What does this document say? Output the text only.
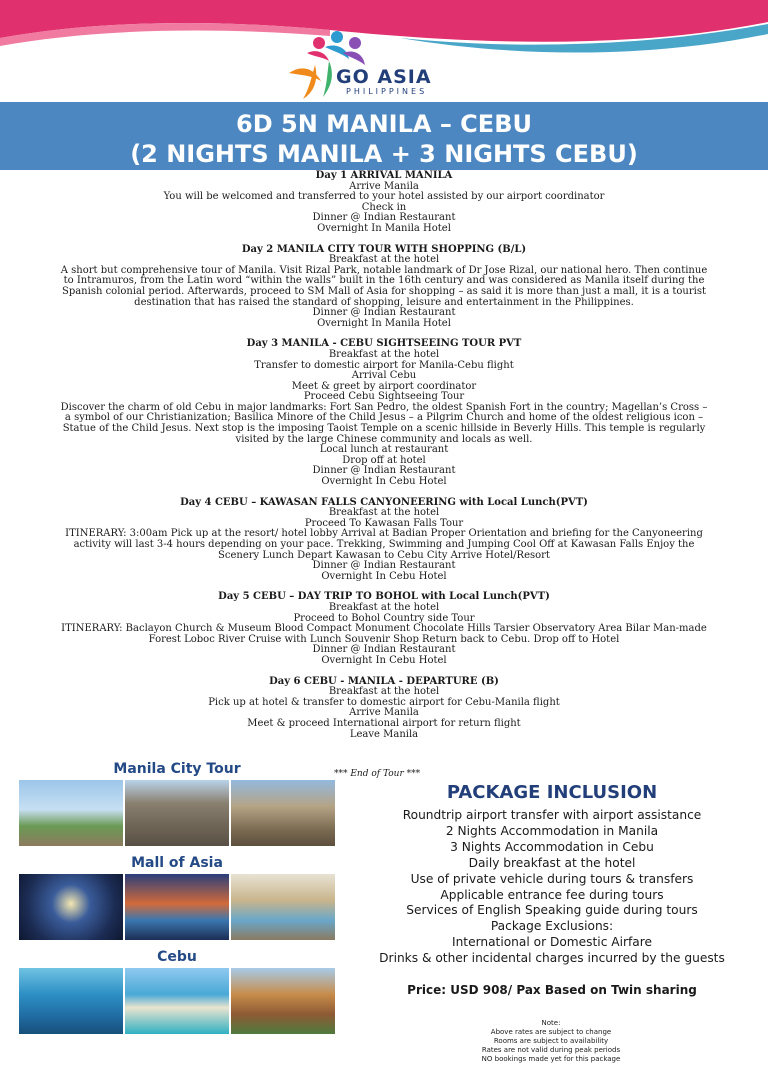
GO ASIA
PHILIPPINES
6D 5N MANILA – CEBU
(2 NIGHTS MANILA + 3 NIGHTS CEBU)
Day 1 ARRIVAL MANILA
Arrive Manila
You will be welcomed and transferred to your hotel assisted by our airport coordinator
Check in
Dinner @ Indian Restaurant
Overnight In Manila Hotel
Day 2 MANILA CITY TOUR WITH SHOPPING (B/L)
Breakfast at the hotel
A short but comprehensive tour of Manila. Visit Rizal Park, notable landmark of Dr Jose Rizal, our national hero. Then continue to Intramuros, from the Latin word “within the walls” built in the 16th century and was considered as Manila itself during the Spanish colonial period. Afterwards, proceed to SM Mall of Asia for shopping – as said it is more than just a mall, it is a tourist destination that has raised the standard of shopping, leisure and entertainment in the Philippines.
Dinner @ Indian Restaurant
Overnight In Manila Hotel
Day 3 MANILA - CEBU SIGHTSEEING TOUR PVT
Breakfast at the hotel
Transfer to domestic airport for Manila-Cebu flight
Arrival Cebu
Meet & greet by airport coordinator
Proceed Cebu Sightseeing Tour
Discover the charm of old Cebu in major landmarks: Fort San Pedro, the oldest Spanish Fort in the country; Magellan’s Cross – a symbol of our Christianization; Basilica Minore of the Child Jesus – a Pilgrim Church and home of the oldest religious icon – Statue of the Child Jesus. Next stop is the imposing Taoist Temple on a scenic hillside in Beverly Hills. This temple is regularly visited by the large Chinese community and locals as well.
Local lunch at restaurant
Drop off at hotel
Dinner @ Indian Restaurant
Overnight In Cebu Hotel
Day 4 CEBU – KAWASAN FALLS CANYONEERING with Local Lunch(PVT)
Breakfast at the hotel
Proceed To Kawasan Falls Tour
ITINERARY: 3:00am Pick up at the resort/ hotel lobby Arrival at Badian Proper Orientation and briefing for the Canyoneering activity will last 3-4 hours depending on your pace. Trekking, Swimming and Jumping Cool Off at Kawasan Falls Enjoy the Scenery Lunch Depart Kawasan to Cebu City Arrive Hotel/Resort
Dinner @ Indian Restaurant
Overnight In Cebu Hotel
Day 5 CEBU – DAY TRIP TO BOHOL with Local Lunch(PVT)
Breakfast at the hotel
Proceed to Bohol Country side Tour
ITINERARY: Baclayon Church & Museum Blood Compact Monument Chocolate Hills Tarsier Observatory Area Bilar Man-made Forest Loboc River Cruise with Lunch Souvenir Shop Return back to Cebu. Drop off to Hotel
Dinner @ Indian Restaurant
Overnight In Cebu Hotel
Day 6 CEBU - MANILA - DEPARTURE (B)
Breakfast at the hotel
Pick up at hotel & transfer to domestic airport for Cebu-Manila flight
Arrive Manila
Meet & proceed International airport for return flight
Leave Manila
Manila City Tour
Mall of Asia
Cebu
*** End of Tour ***
PACKAGE INCLUSION
Roundtrip airport transfer with airport assistance
2 Nights Accommodation in Manila
3 Nights Accommodation in Cebu
Daily breakfast at the hotel
Use of private vehicle during tours & transfers
Applicable entrance fee during tours
Services of English Speaking guide during tours
Package Exclusions:
International or Domestic Airfare
Drinks & other incidental charges incurred by the guests
Price: USD 908/ Pax Based on Twin sharing
Note:
Above rates are subject to change
Rooms are subject to availability
Rates are not valid during peak periods
NO bookings made yet for this package
